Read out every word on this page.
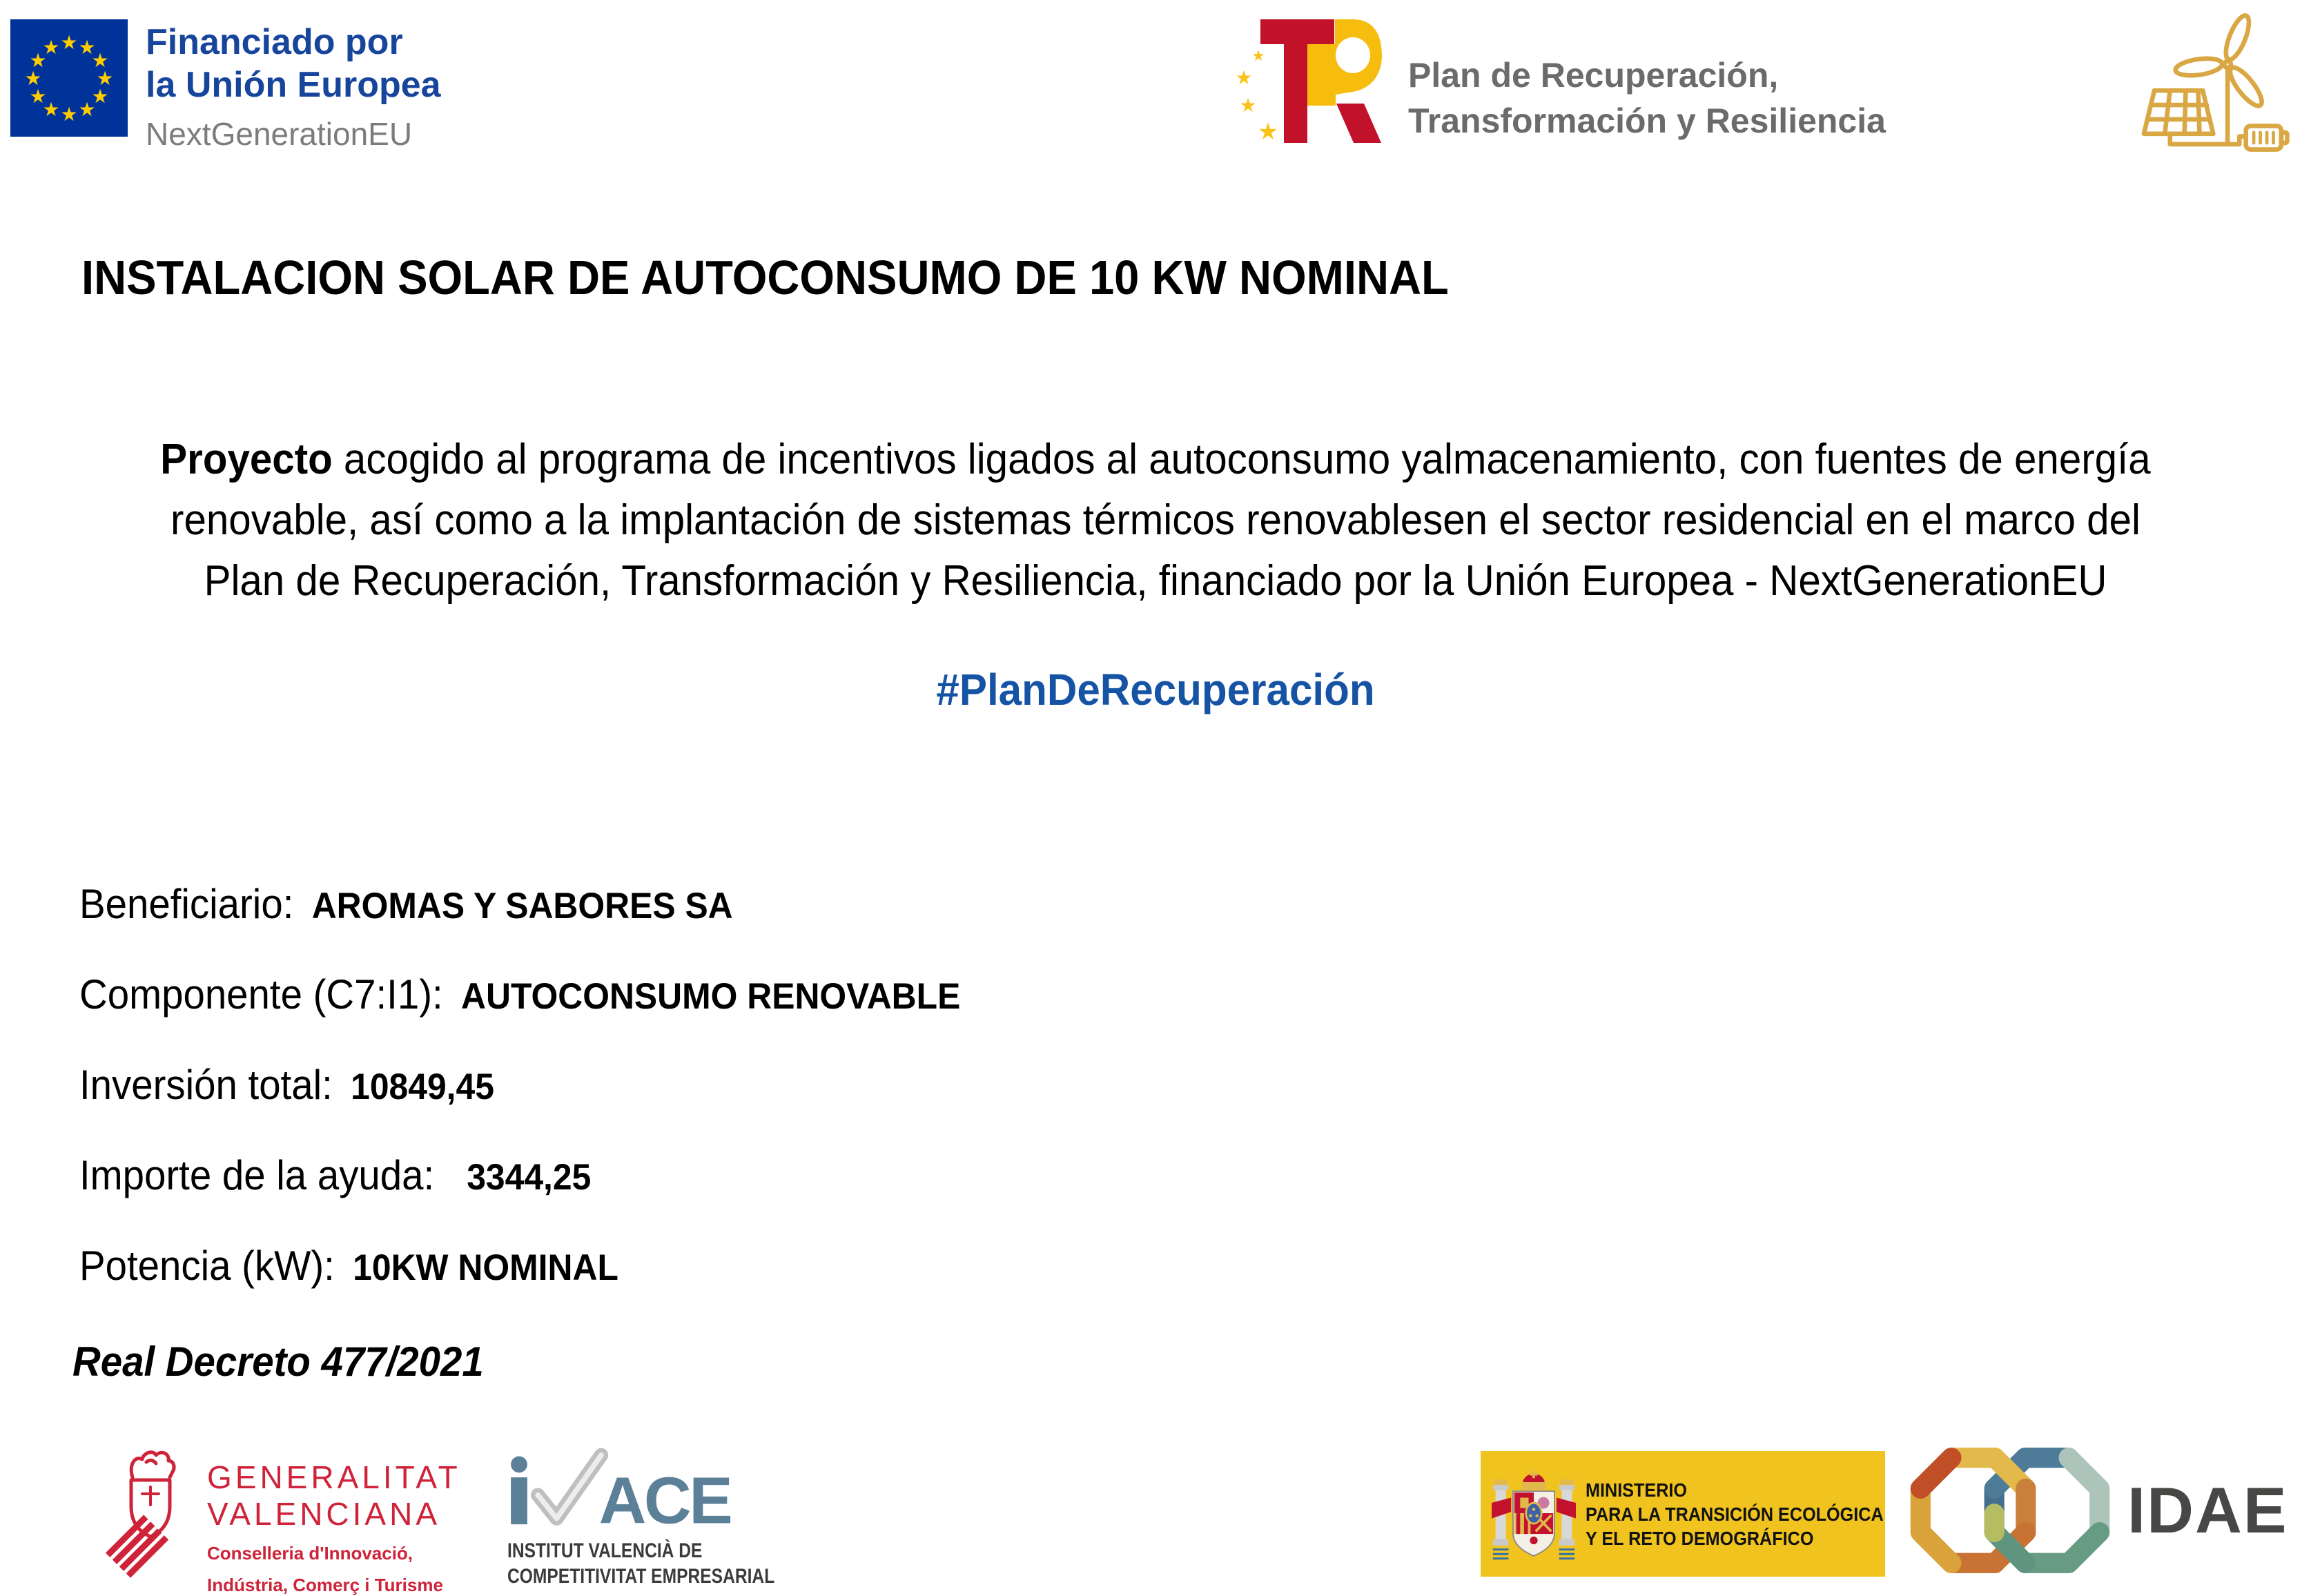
★ ★
★
★
★
★
★
★
★
★
★
★ Financiado por
la Unión Europea
NextGenerationEU
★
★
★
★
Plan de Recuperación,
Transformación y Resiliencia
INSTALACION SOLAR DE AUTOCONSUMO DE 10 KW NOMINAL

Proyecto acogido al programa de incentivos ligados al autoconsumo yalmacenamiento, con fuentes de energía
renovable, así como a la implantación de sistemas térmicos renovablesen el sector residencial en el marco del
Plan de Recuperación, Transformación y Resiliencia, financiado por la Unión Europea - NextGenerationEU

#PlanDeRecuperación
Beneficiario: AROMAS Y SABORES SA
Componente (C7:I1): AUTOCONSUMO RENOVABLE
Inversión total: 10849,45
Importe de la ayuda: 3344,25
Potencia (kW): 10KW NOMINAL
Real Decreto 477/2021
GENERALITAT
VALENCIANA
Conselleria d'Innovació,
Indústria, Comerç i Turisme
ACE
INSTITUT VALENCIÀ DE
COMPETITIVITAT EMPRESARIAL
MINISTERIO
PARA LA TRANSICIÓN ECOLÓGICA
Y EL RETO DEMOGRÁFICO	IDAE
